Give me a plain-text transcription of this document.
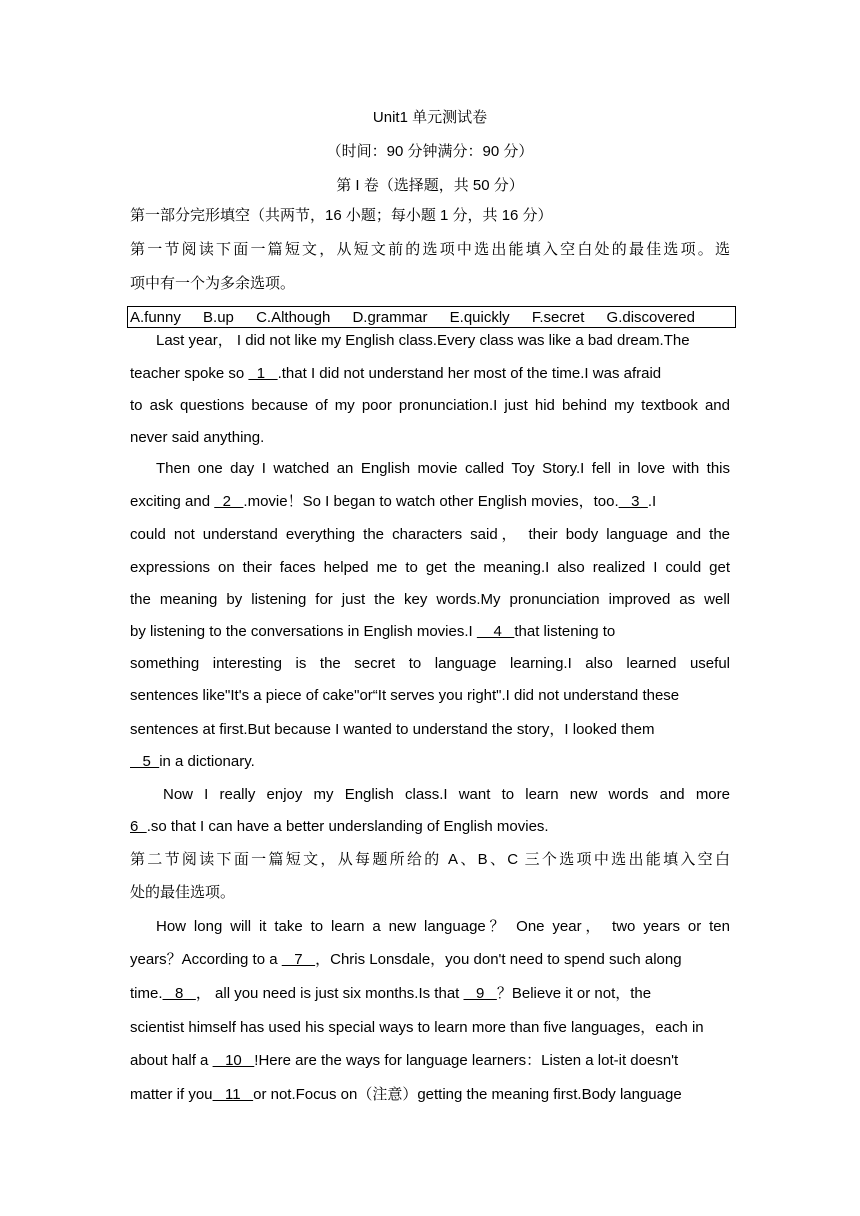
Unit1 单元测试卷
（时间：90 分钟满分：90 分）
第 I 卷（选择题，共 50 分）
第一部分完形填空（共两节，16 小题；每小题 1 分，共 16 分）
第一节阅读下面一篇短文，从短文前的选项中选出能填入空白处的最佳选项。选
项中有一个为多余选项。
A.funny B.up C.Although D.grammar E.quickly F.secret G.discovered
Last year， I did not like my English class.Every class was like a bad dream.The
teacher spoke so   1   .that I did not understand her most of the time.I was afraid
to ask questions because of my poor pronunciation.I just hid behind my textbook and
never said anything.
Then one day I watched an English movie called Toy Story.I fell in love with this
exciting and   2   .movie！So I began to watch other English movies，too.   3  .I
could not understand everything the characters said， their body language and the
expressions on their faces helped me to get the meaning.I also realized I could get
the meaning by listening for just the key words.My pronunciation improved as well
by listening to the conversations in English movies.I     4   that listening to
something interesting is the secret to language learning.I also learned useful
sentences like"It's a piece of cake"or“It serves you right".I did not understand these
sentences at first.But because I wanted to understand the story，I looked them
5  in a dictionary.
Now I really enjoy my English class.I want to learn new words and more
6  .so that I can have a better underslanding of English movies.
第二节阅读下面一篇短文，从每题所给的 A、B、C 三个选项中选出能填入空白
处的最佳选项。
How long will it take to learn a new language？ One year， two years or ten
years？According to a    7   ，Chris Lonsdale，you don't need to spend such along
time.   8   ， all you need is just six months.Is that    9   ？Believe it or not，the
scientist himself has used his special ways to learn more than five languages，each in
about half a    10   !Here are the ways for language learners：Listen a lot-it doesn't
matter if you   11   or not.Focus on（注意）getting the meaning first.Body language
